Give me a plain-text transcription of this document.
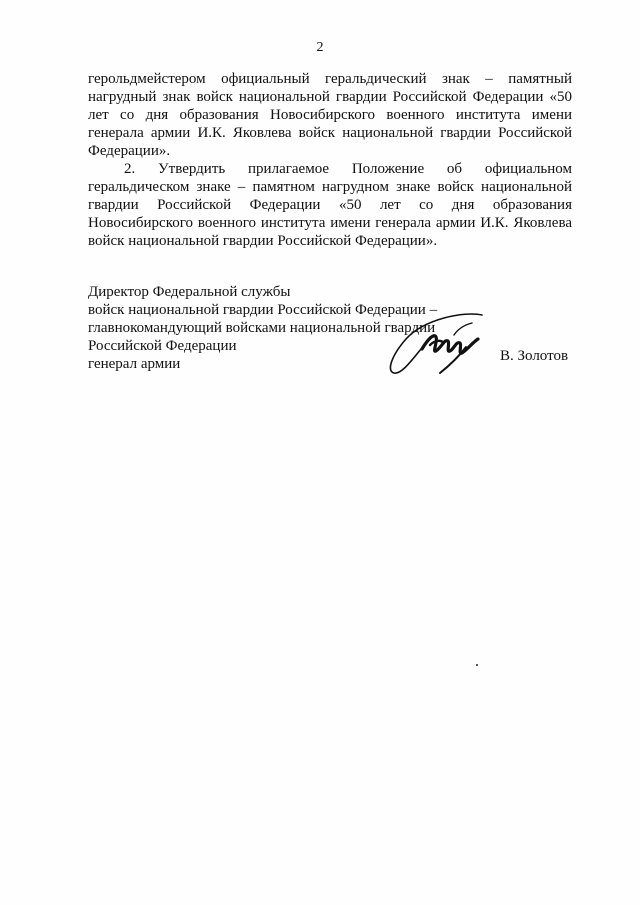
2

герольдмейстером официальный геральдический знак – памятный нагрудный знак войск национальной гвардии Российской Федерации «50 лет со дня образования Новосибирского военного института имени генерала армии И.К. Яковлева войск национальной гвардии Российской Федерации».

2. Утвердить прилагаемое Положение об официальном геральдическом знаке – памятном нагрудном знаке войск национальной гвардии Российской Федерации «50 лет со дня образования Новосибирского военного института имени генерала армии И.К. Яковлева войск национальной гвардии Российской Федерации».

Директор Федеральной службы
войск национальной гвардии Российской Федерации –
главнокомандующий войсками национальной гвардии
Российской Федерации
генерал армии	В. Золотов
